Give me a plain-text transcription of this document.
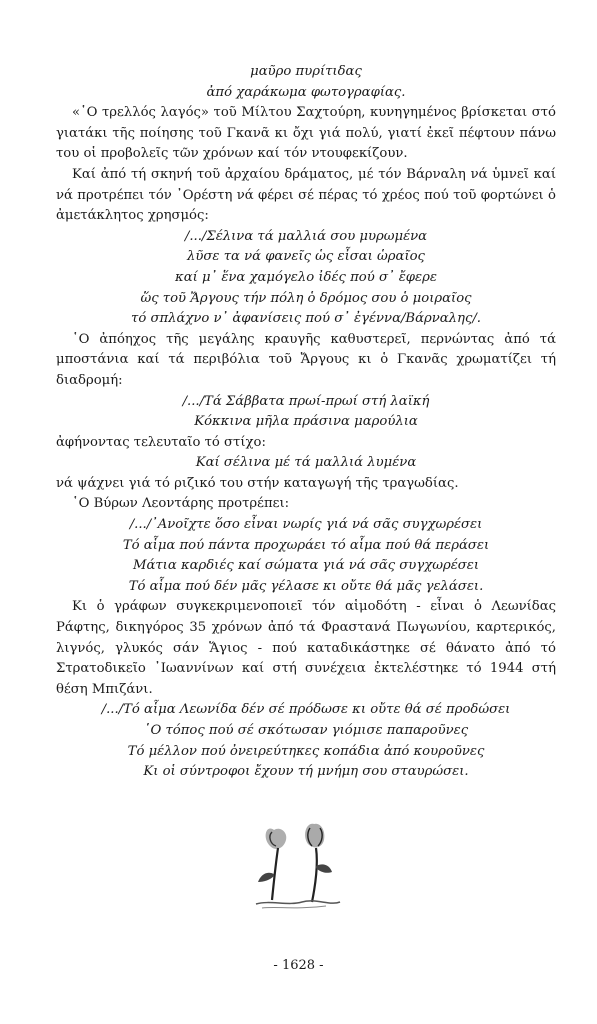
μαῦρο πυρίτιδας

ἀπό χαράκωμα φωτογραφίας.

«῾Ο τρελλός λαγός» τοῦ Μίλτου Σαχτούρη, κυνηγημένος βρίσκεται στό γιατάκι τῆς ποίησης τοῦ Γκανᾶ κι ὄχι γιά πολύ, γιατί ἐκεῖ πέφτουν πάνω του οἱ προβολεῖς τῶν χρόνων καί τόν ντουφεκίζουν.

Καί ἀπό τή σκηνή τοῦ ἀρχαίου δράματος, μέ τόν Βάρναλη νά ὑμνεῖ καί νά προτρέπει τόν ᾿Ορέστη νά φέρει σέ πέρας τό χρέος πού τοῦ φορτώνει ὁ ἀμετάκλητος χρησμός:

/.../Σέλινα τά μαλλιά σου μυρωμένα

λῦσε τα νά φανεῖς ὡς εἶσαι ὡραῖος

καί μ᾿ ἕνα χαμόγελο ἰδές πού σ᾿ ἔφερε

ὥς τοῦ Ἄργους τήν πόλη ὁ δρόμος σου ὁ μοιραῖος

τό σπλάχνο ν᾿ ἀφανίσεις πού σ᾿ ἐγέννα/Βάρναλης/.

῾Ο ἀπόηχος τῆς μεγάλης κραυγῆς καθυστερεῖ, περνώντας ἀπό τά μποστάνια καί τά περιβόλια τοῦ Ἄργους κι ὁ Γκανᾶς χρωματίζει τή διαδρομή:

/.../Τά Σάββατα πρωί-πρωί στή λαϊκή

Κόκκινα μῆλα πράσινα μαρούλια

ἀφήνοντας τελευταῖο τό στίχο:

Καί σέλινα μέ τά μαλλιά λυμένα

νά ψάχνει γιά τό ριζικό του στήν καταγωγή τῆς τραγωδίας.

῾Ο Βύρων Λεοντάρης προτρέπει:

/.../᾿Ανοῖχτε ὅσο εἶναι νωρίς γιά νά σᾶς συγχωρέσει

Τό αἷμα πού πάντα προχωράει τό αἷμα πού θά περάσει

Μάτια καρδιές καί σώματα γιά νά σᾶς συγχωρέσει

Τό αἷμα πού δέν μᾶς γέλασε κι οὔτε θά μᾶς γελάσει.

Κι ὁ γράφων συγκεκριμενοποιεῖ τόν αἱμοδότη - εἶναι ὁ Λεωνίδας Ράφτης, δικηγόρος 35 χρόνων ἀπό τά Φραστανά Πωγωνίου, καρτερικός, λιγνός, γλυκός σάν Ἅγιος - πού καταδικάστηκε σέ θάνατο ἀπό τό Στρατοδικεῖο ᾿Ιωαννίνων καί στή συνέχεια ἐκτελέστηκε τό 1944 στή θέση Μπιζάνι.

/.../Τό αἷμα Λεωνίδα δέν σέ πρόδωσε κι οὔτε θά σέ προδώσει

῾Ο τόπος πού σέ σκότωσαν γιόμισε παπαροῦνες

Τό μέλλον πού ὀνειρεύτηκες κοπάδια ἀπό κουροῦνες

Κι οἱ σύντροφοι ἔχουν τή μνήμη σου σταυρώσει.

- 1628 -
